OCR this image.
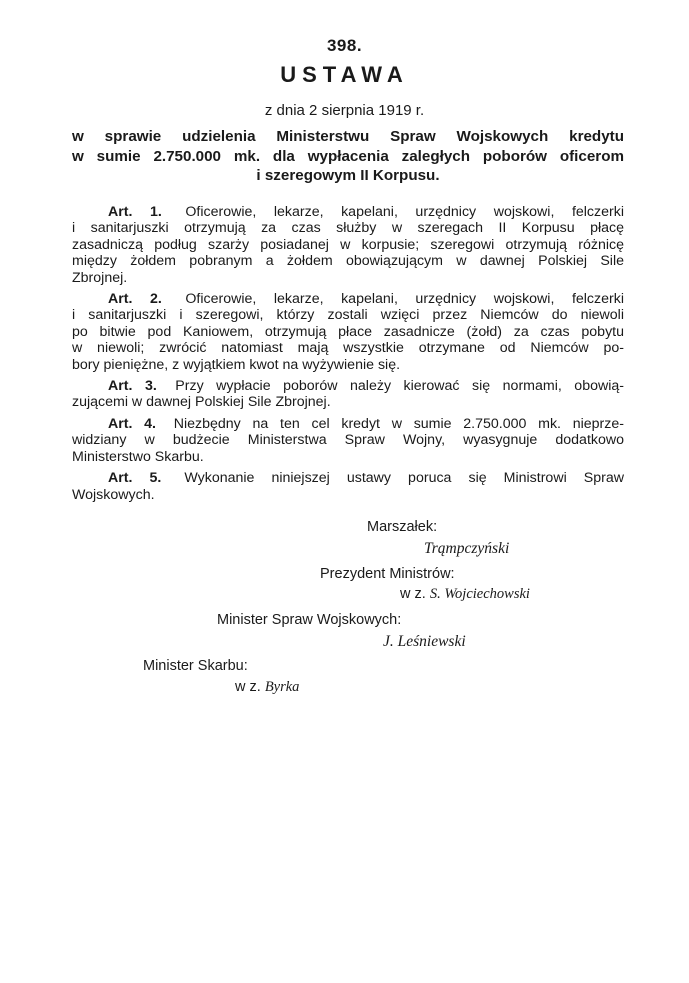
398.
USTAWA
z dnia 2 sierpnia 1919 r.
w sprawie udzielenia Ministerstwu Spraw Wojskowych kredytu
w sumie 2.750.000 mk. dla wypłacenia zaległych poborów oficerom
i szeregowym II Korpusu.
Art. 1. Oficerowie, lekarze, kapelani, urzędnicy wojskowi, felczerki
i sanitarjuszki otrzymują za czas służby w szeregach II Korpusu płacę
zasadniczą podług szarży posiadanej w korpusie; szeregowi otrzymują różnicę
między żołdem pobranym a żołdem obowiązującym w dawnej Polskiej Sile
Zbrojnej.
Art. 2. Oficerowie, lekarze, kapelani, urzędnicy wojskowi, felczerki
i sanitarjuszki i szeregowi, którzy zostali wzięci przez Niemców do niewoli
po bitwie pod Kaniowem, otrzymują płace zasadnicze (żołd) za czas pobytu
w niewoli; zwrócić natomiast mają wszystkie otrzymane od Niemców po-
bory pieniężne, z wyjątkiem kwot na wyżywienie się.
Art. 3. Przy wypłacie poborów należy kierować się normami, obowią-
zującemi w dawnej Polskiej Sile Zbrojnej.
Art. 4. Niezbędny na ten cel kredyt w sumie 2.750.000 mk. nieprze-
widziany w budżecie Ministerstwa Spraw Wojny, wyasygnuje dodatkowo
Ministerstwo Skarbu.
Art. 5. Wykonanie niniejszej ustawy poruca się Ministrowi Spraw
Wojskowych.
Marszałek:
Trąmpczyński
Prezydent Ministrów:
w z. S. Wojciechowski
Minister Spraw Wojskowych:
J. Leśniewski
Minister Skarbu:
w z. Byrka
